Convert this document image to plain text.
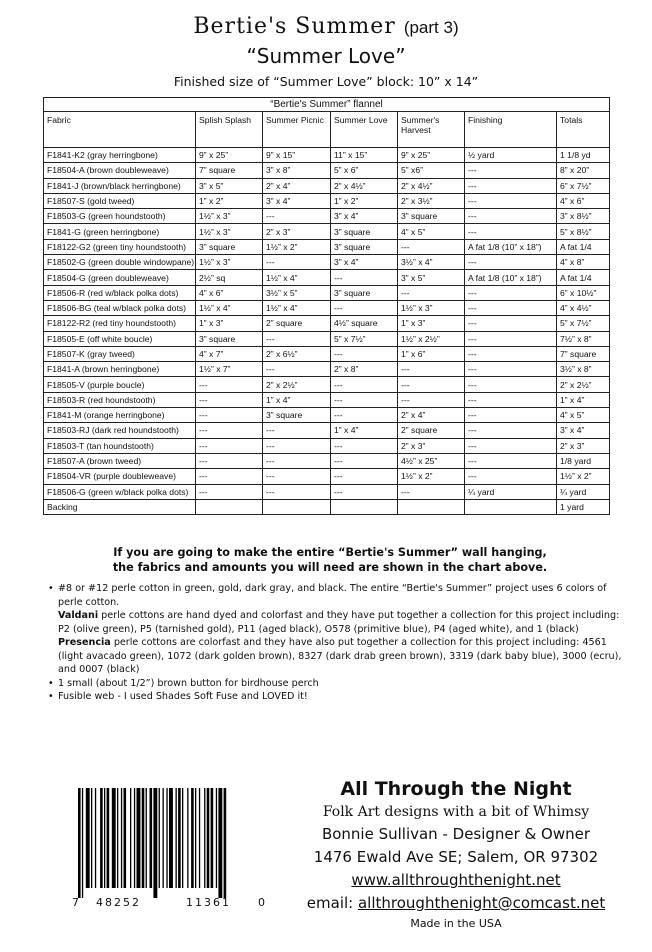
Bertie's Summer (part 3)
“Summer Love”
Finished size of “Summer Love” block: 10” x 14”
“Bertie's Summer” flannel
Fabric	Splish Splash	Summer Picnic	Summer Love	Summer's Harvest	Finishing	Totals
F1841-K2 (gray herringbone)	9” x 25”	9” x 15”	11” x 15”	9” x 25”	½ yard	1 1/8 yd
F18504-A (brown doubleweave)	7” square	3” x 8”	5” x 6”	5” x6”	---	8” x 20”
F1841-J (brown/black herringbone)	3” x 5”	2” x 4”	2” x 4½”	2” x 4½”	---	6” x 7½”
F18507-S (gold tweed)	1” x 2”	3” x 4”	1” x 2”	2” x 3½”	---	4” x 6”
F18503-G (green houndstooth)	1½” x 3”	---	3” x 4”	3” square	---	3” x 8½”
F1841-G (green herringbone)	1½” x 3”	2” x 3”	3” square	4” x 5”	---	5” x 8½”
F18122-G2 (green tiny houndstooth)	3” square	1½” x 2”	3” square	---	A fat 1/8 (10” x 18”)	A fat 1/4
F18502-G (green double windowpane)	1½” x 3”	---	3” x 4”	3½” x 4”	---	4” x 8”
F18504-G (green doubleweave)	2½” sq	1½” x 4”	---	3” x 5”	A fat 1/8 (10” x 18”)	A fat 1/4
F18506-R (red w/black polka dots)	4” x 6”	3½” x 5”	3” square	---	---	6” x 10½”
F18506-BG (teal w/black polka dots)	1½” x 4”	1½” x 4”	---	1½” x 3”	---	4” x 4½”
F18122-R2 (red tiny houndstooth)	1” x 3”	2” square	4½” square	1” x 3”	---	5” x 7½”
F18505-E (off white boucle)	3” square	---	5” x 7½”	1½” x 2½”	---	7½” x 8”
F18507-K (gray tweed)	4” x 7”	2” x 6½”	---	1” x 6”	---	7” square
F1841-A (brown herringbone)	1½” x 7”	---	2” x 8”	---	---	3½” x 8”
F18505-V (purple boucle)	---	2” x 2½”	---	---	---	2” x 2½”
F18503-R (red houndstooth)	---	1” x 4”	---	---	---	1” x 4”
F1841-M (orange herringbone)	---	3” square	---	2” x 4”	---	4” x 5”
F18503-RJ (dark red houndstooth)	---	---	1” x 4”	2” square	---	3” x 4”
F18503-T (tan houndstooth)	---	---	---	2” x 3”	---	2” x 3”
F18507-A (brown tweed)	---	---	---	4½” x 25”	---	1/8 yard
F18504-VR (purple doubleweave)	---	---	---	1½” x 2”	---	1½” x 2”
F18506-G (green w/black polka dots)	---	---	---	---	¼ yard	¼ yard
Backing						1 yard
If you are going to make the entire “Bertie's Summer” wall hanging,
the fabrics and amounts you will need are shown in the chart above.
• #8 or #12 perle cotton in green, gold, dark gray, and black. The entire “Bertie's Summer” project uses 6 colors of perle cotton.
Valdani perle cottons are hand dyed and colorfast and they have put together a collection for this project including: P2 (olive green), P5 (tarnished gold), P11 (aged black), O578 (primitive blue), P4 (aged white), and 1 (black)
Presencia perle cottons are colorfast and they have also put together a collection for this project including: 4561 (light avacado green), 1072 (dark golden brown), 8327 (dark drab green brown), 3319 (dark baby blue), 3000 (ecru), and 0007 (black)
• 1 small (about 1/2”) brown button for birdhouse perch
• Fusible web - I used Shades Soft Fuse and LOVED it!
7 48252	11361 0
All Through the Night
Folk Art designs with a bit of Whimsy
Bonnie Sullivan - Designer & Owner
1476 Ewald Ave SE; Salem, OR 97302
www.allthroughthenight.net
email: allthroughthenight@comcast.net
Made in the USA
